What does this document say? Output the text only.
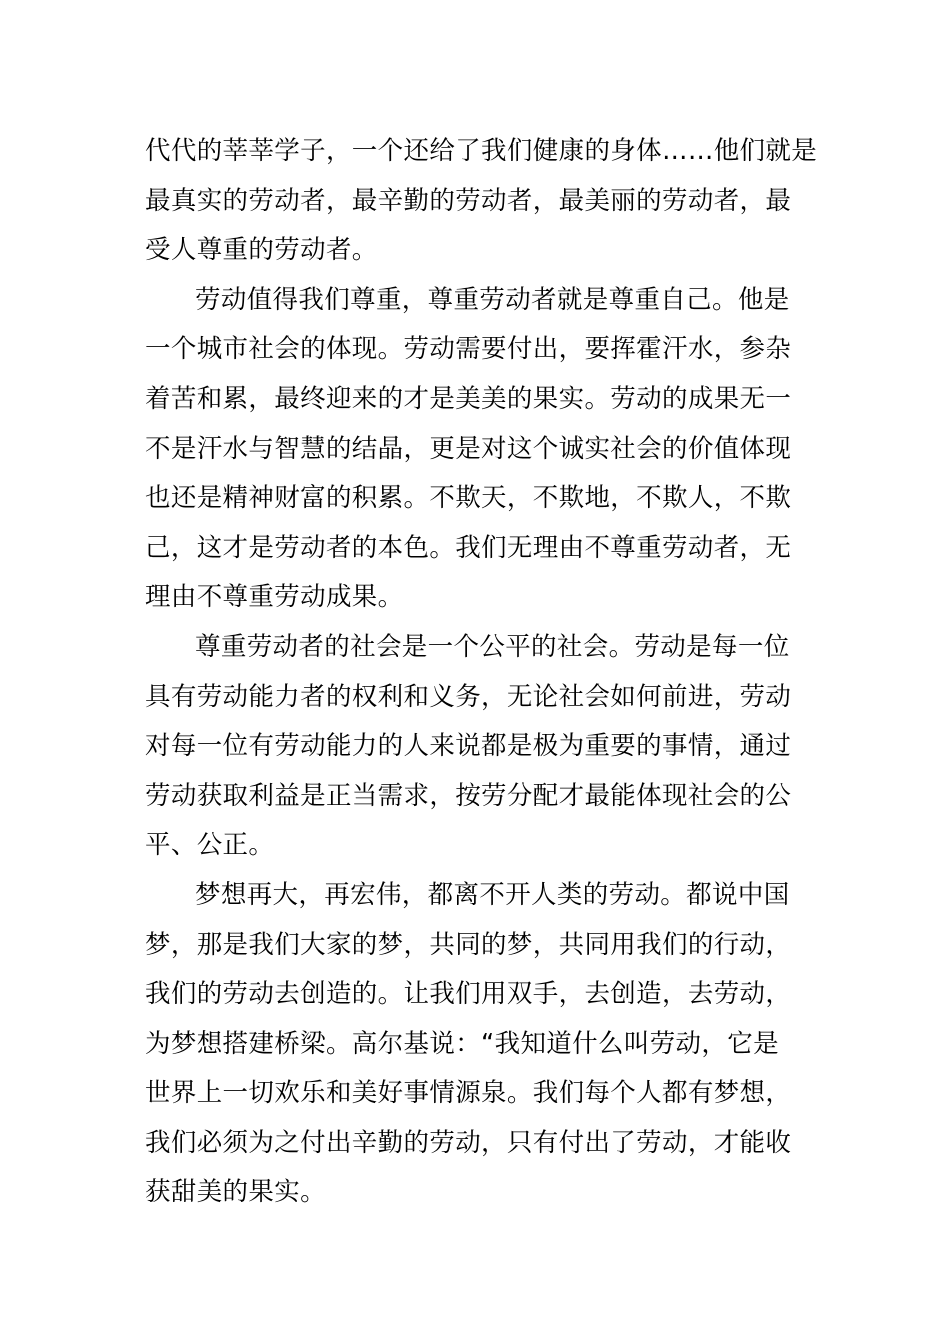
代代的莘莘学子，一个还给了我们健康的身体……他们就是
最真实的劳动者，最辛勤的劳动者，最美丽的劳动者，最
受人尊重的劳动者。
劳动值得我们尊重，尊重劳动者就是尊重自己。他是
一个城市社会的体现。劳动需要付出，要挥霍汗水，参杂
着苦和累，最终迎来的才是美美的果实。劳动的成果无一
不是汗水与智慧的结晶，更是对这个诚实社会的价值体现
也还是精神财富的积累。不欺天，不欺地，不欺人，不欺
己，这才是劳动者的本色。我们无理由不尊重劳动者，无
理由不尊重劳动成果。
尊重劳动者的社会是一个公平的社会。劳动是每一位
具有劳动能力者的权利和义务，无论社会如何前进，劳动
对每一位有劳动能力的人来说都是极为重要的事情，通过
劳动获取利益是正当需求，按劳分配才最能体现社会的公
平、公正。
梦想再大，再宏伟，都离不开人类的劳动。都说中国
梦，那是我们大家的梦，共同的梦，共同用我们的行动，
我们的劳动去创造的。让我们用双手，去创造，去劳动，
为梦想搭建桥梁。高尔基说：“我知道什么叫劳动，它是
世界上一切欢乐和美好事情源泉。我们每个人都有梦想，
我们必须为之付出辛勤的劳动，只有付出了劳动，才能收
获甜美的果实。
